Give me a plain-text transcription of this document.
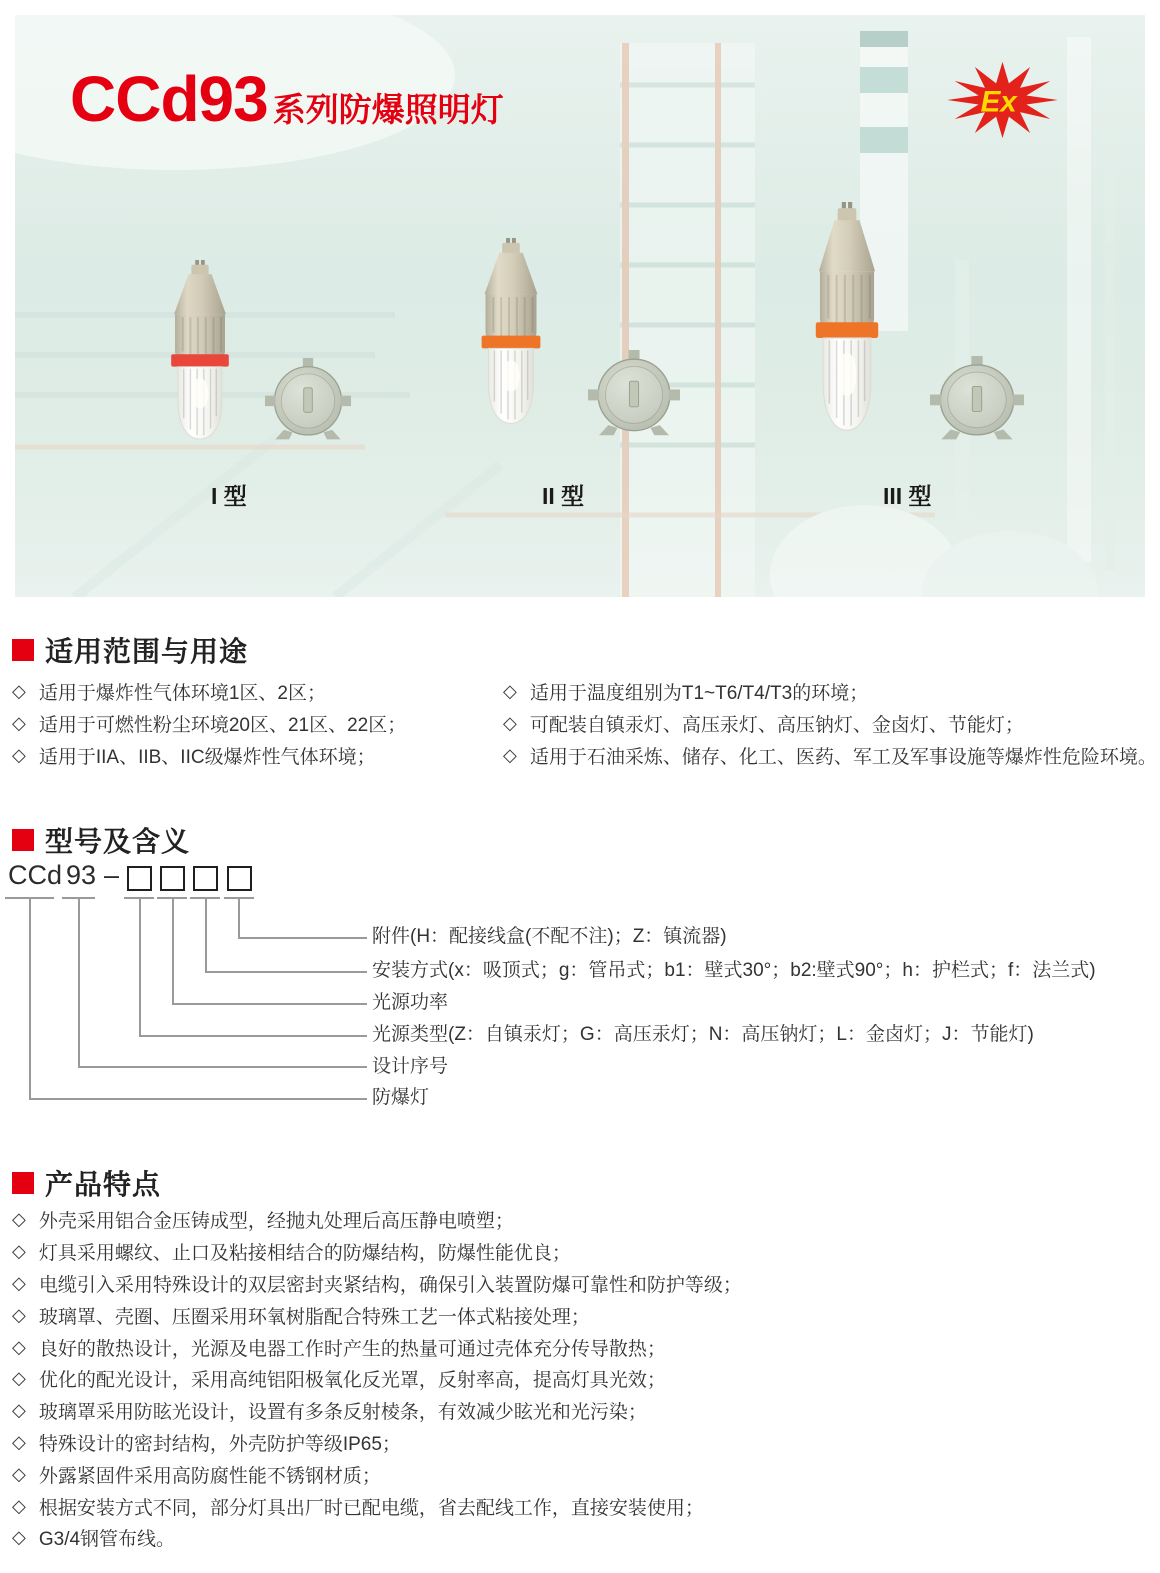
CCd93 系列防爆照明灯	Ex
I 型	II 型	III 型
适用范围与用途
◇ 适用于爆炸性气体环境1区、2区；
◇ 适用于可燃性粉尘环境20区、21区、22区；
◇ 适用于IIA、IIB、IIC级爆炸性气体环境；
◇ 适用于温度组别为T1~T6/T4/T3的环境；
◇ 可配装自镇汞灯、高压汞灯、高压钠灯、金卤灯、节能灯；
◇ 适用于石油采炼、储存、化工、医药、军工及军事设施等爆炸性危险环境。
型号及含义
CCd 93 –
附件(H：配接线盒(不配不注)；Z：镇流器)
安装方式(x：吸顶式；g：管吊式；b1：壁式30°；b2:壁式90°；h：护栏式；f：法兰式)
光源功率
光源类型(Z：自镇汞灯；G：高压汞灯；N：高压钠灯；L：金卤灯；J：节能灯)
设计序号
防爆灯
产品特点
◇ 外壳采用铝合金压铸成型，经抛丸处理后高压静电喷塑；
◇ 灯具采用螺纹、止口及粘接相结合的防爆结构，防爆性能优良；
◇ 电缆引入采用特殊设计的双层密封夹紧结构，确保引入装置防爆可靠性和防护等级；
◇ 玻璃罩、壳圈、压圈采用环氧树脂配合特殊工艺一体式粘接处理；
◇ 良好的散热设计，光源及电器工作时产生的热量可通过壳体充分传导散热；
◇ 优化的配光设计，采用高纯铝阳极氧化反光罩，反射率高，提高灯具光效；
◇ 玻璃罩采用防眩光设计，设置有多条反射棱条，有效减少眩光和光污染；
◇ 特殊设计的密封结构，外壳防护等级IP65；
◇ 外露紧固件采用高防腐性能不锈钢材质；
◇ 根据安装方式不同，部分灯具出厂时已配电缆，省去配线工作，直接安装使用；
◇ G3/4钢管布线。
